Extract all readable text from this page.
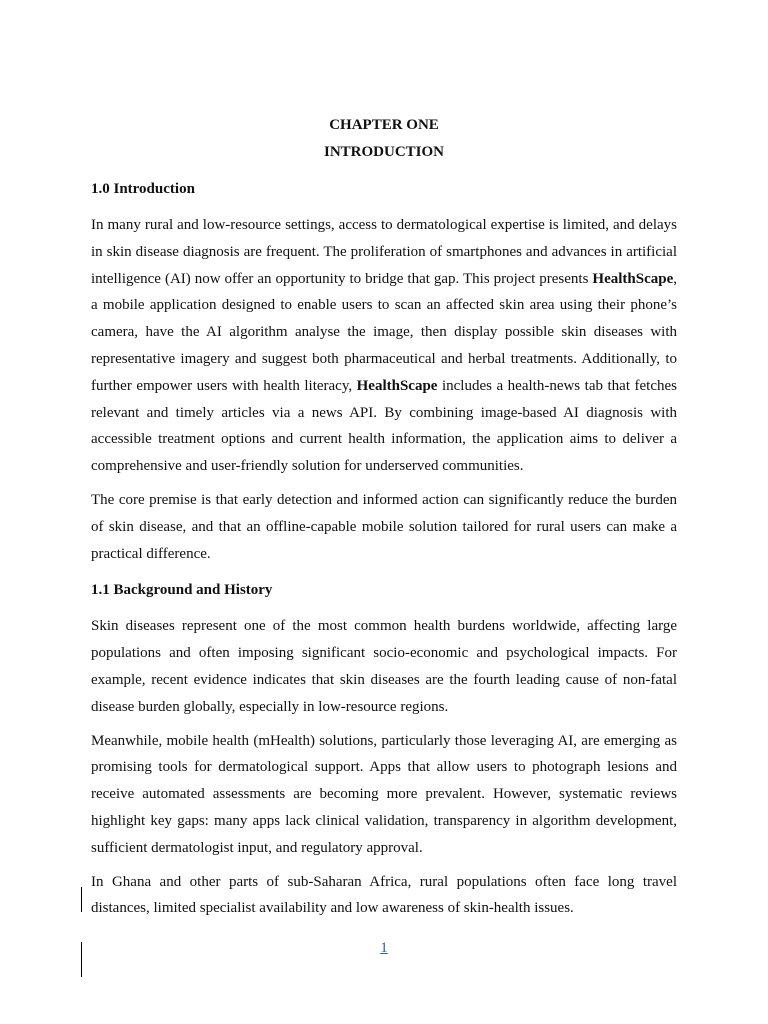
CHAPTER ONE
INTRODUCTION
1.0 Introduction

In many rural and low-resource settings, access to dermatological expertise is limited, and delays in skin disease diagnosis are frequent. The proliferation of smartphones and advances in artificial intelligence (AI) now offer an opportunity to bridge that gap. This project presents HealthScape, a mobile application designed to enable users to scan an affected skin area using their phone’s camera, have the AI algorithm analyse the image, then display possible skin diseases with representative imagery and suggest both pharmaceutical and herbal treatments. Additionally, to further empower users with health literacy, HealthScape includes a health-news tab that fetches relevant and timely articles via a news API. By combining image-based AI diagnosis with accessible treatment options and current health information, the application aims to deliver a comprehensive and user-friendly solution for underserved communities.

The core premise is that early detection and informed action can significantly reduce the burden of skin disease, and that an offline-capable mobile solution tailored for rural users can make a practical difference.

1.1 Background and History

Skin diseases represent one of the most common health burdens worldwide, affecting large populations and often imposing significant socio-economic and psychological impacts. For example, recent evidence indicates that skin diseases are the fourth leading cause of non-fatal disease burden globally, especially in low-resource regions.

Meanwhile, mobile health (mHealth) solutions, particularly those leveraging AI, are emerging as promising tools for dermatological support. Apps that allow users to photograph lesions and receive automated assessments are becoming more prevalent. However, systematic reviews highlight key gaps: many apps lack clinical validation, transparency in algorithm development, sufficient dermatologist input, and regulatory approval.

In Ghana and other parts of sub-Saharan Africa, rural populations often face long travel distances, limited specialist availability and low awareness of skin-health issues.

1
